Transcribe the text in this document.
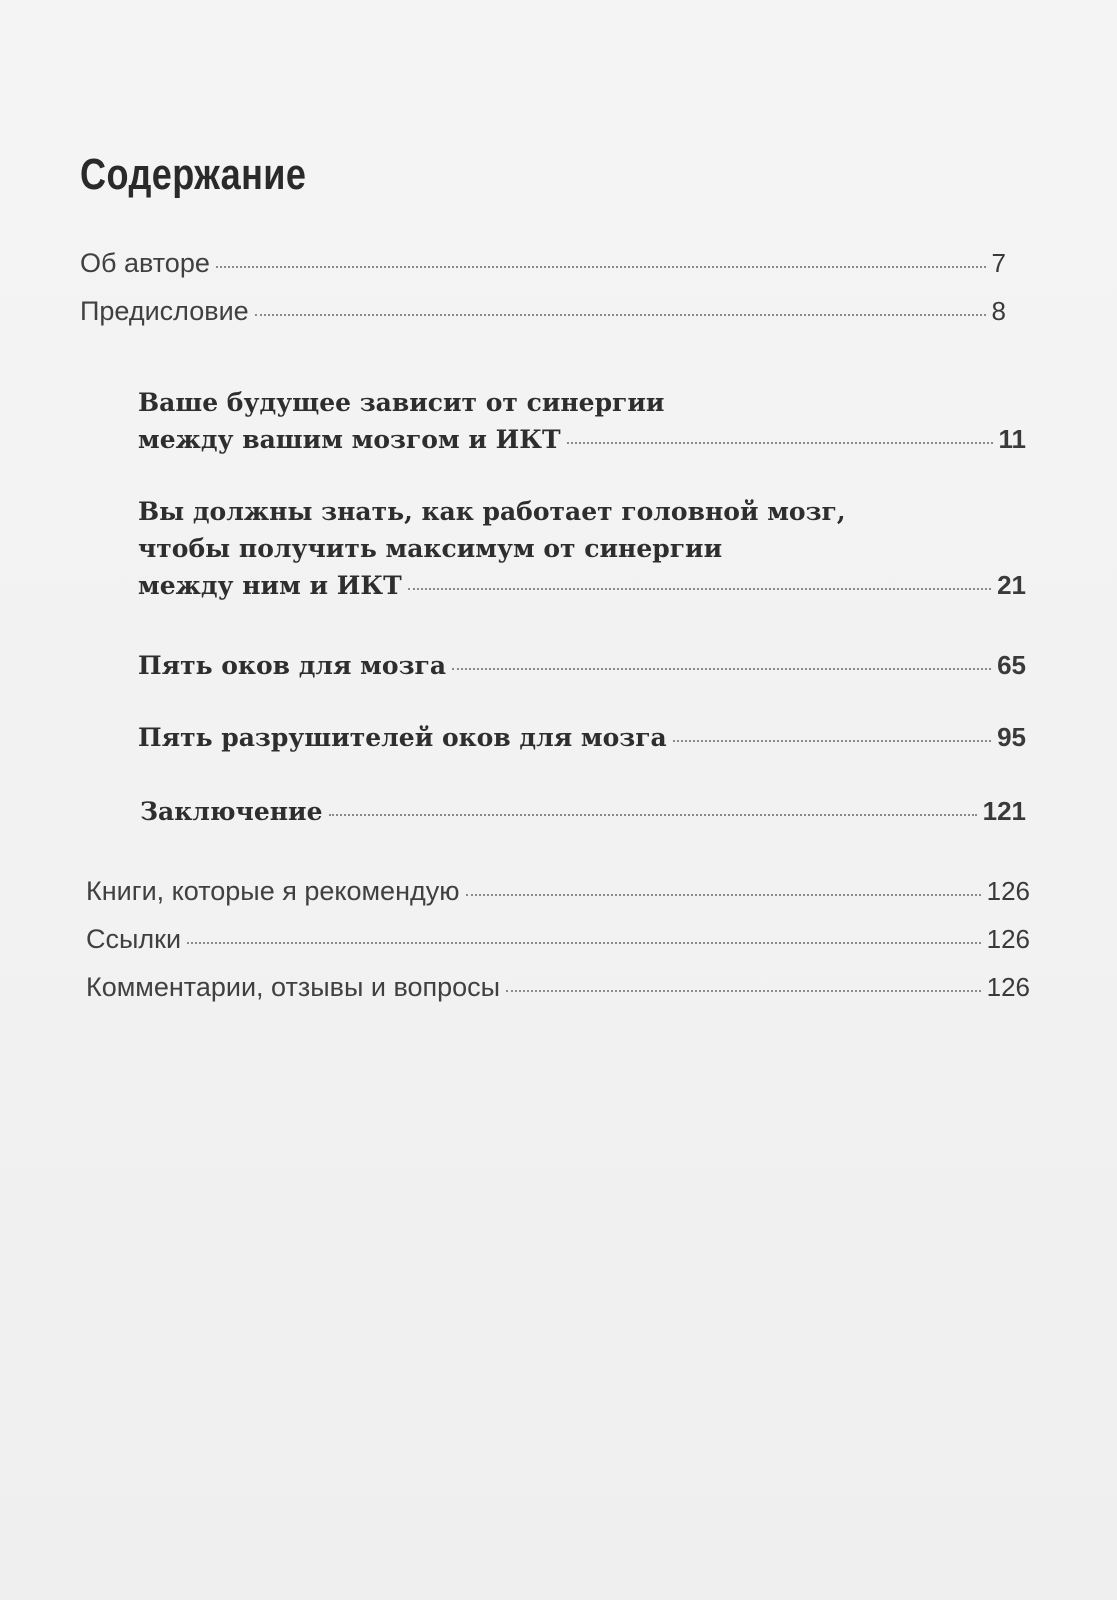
Содержание
Об авторе	7
Предисловие	8
Ваше будущее зависит от синергии
между вашим мозгом и ИКТ	11
Вы должны знать, как работает головной мозг,
чтобы получить максимум от синергии
между ним и ИКТ	21
Пять оков для мозга	65
Пять разрушителей оков для мозга	95
Заключение	121
Книги, которые я рекомендую	126
Ссылки	126
Комментарии, отзывы и вопросы	126
